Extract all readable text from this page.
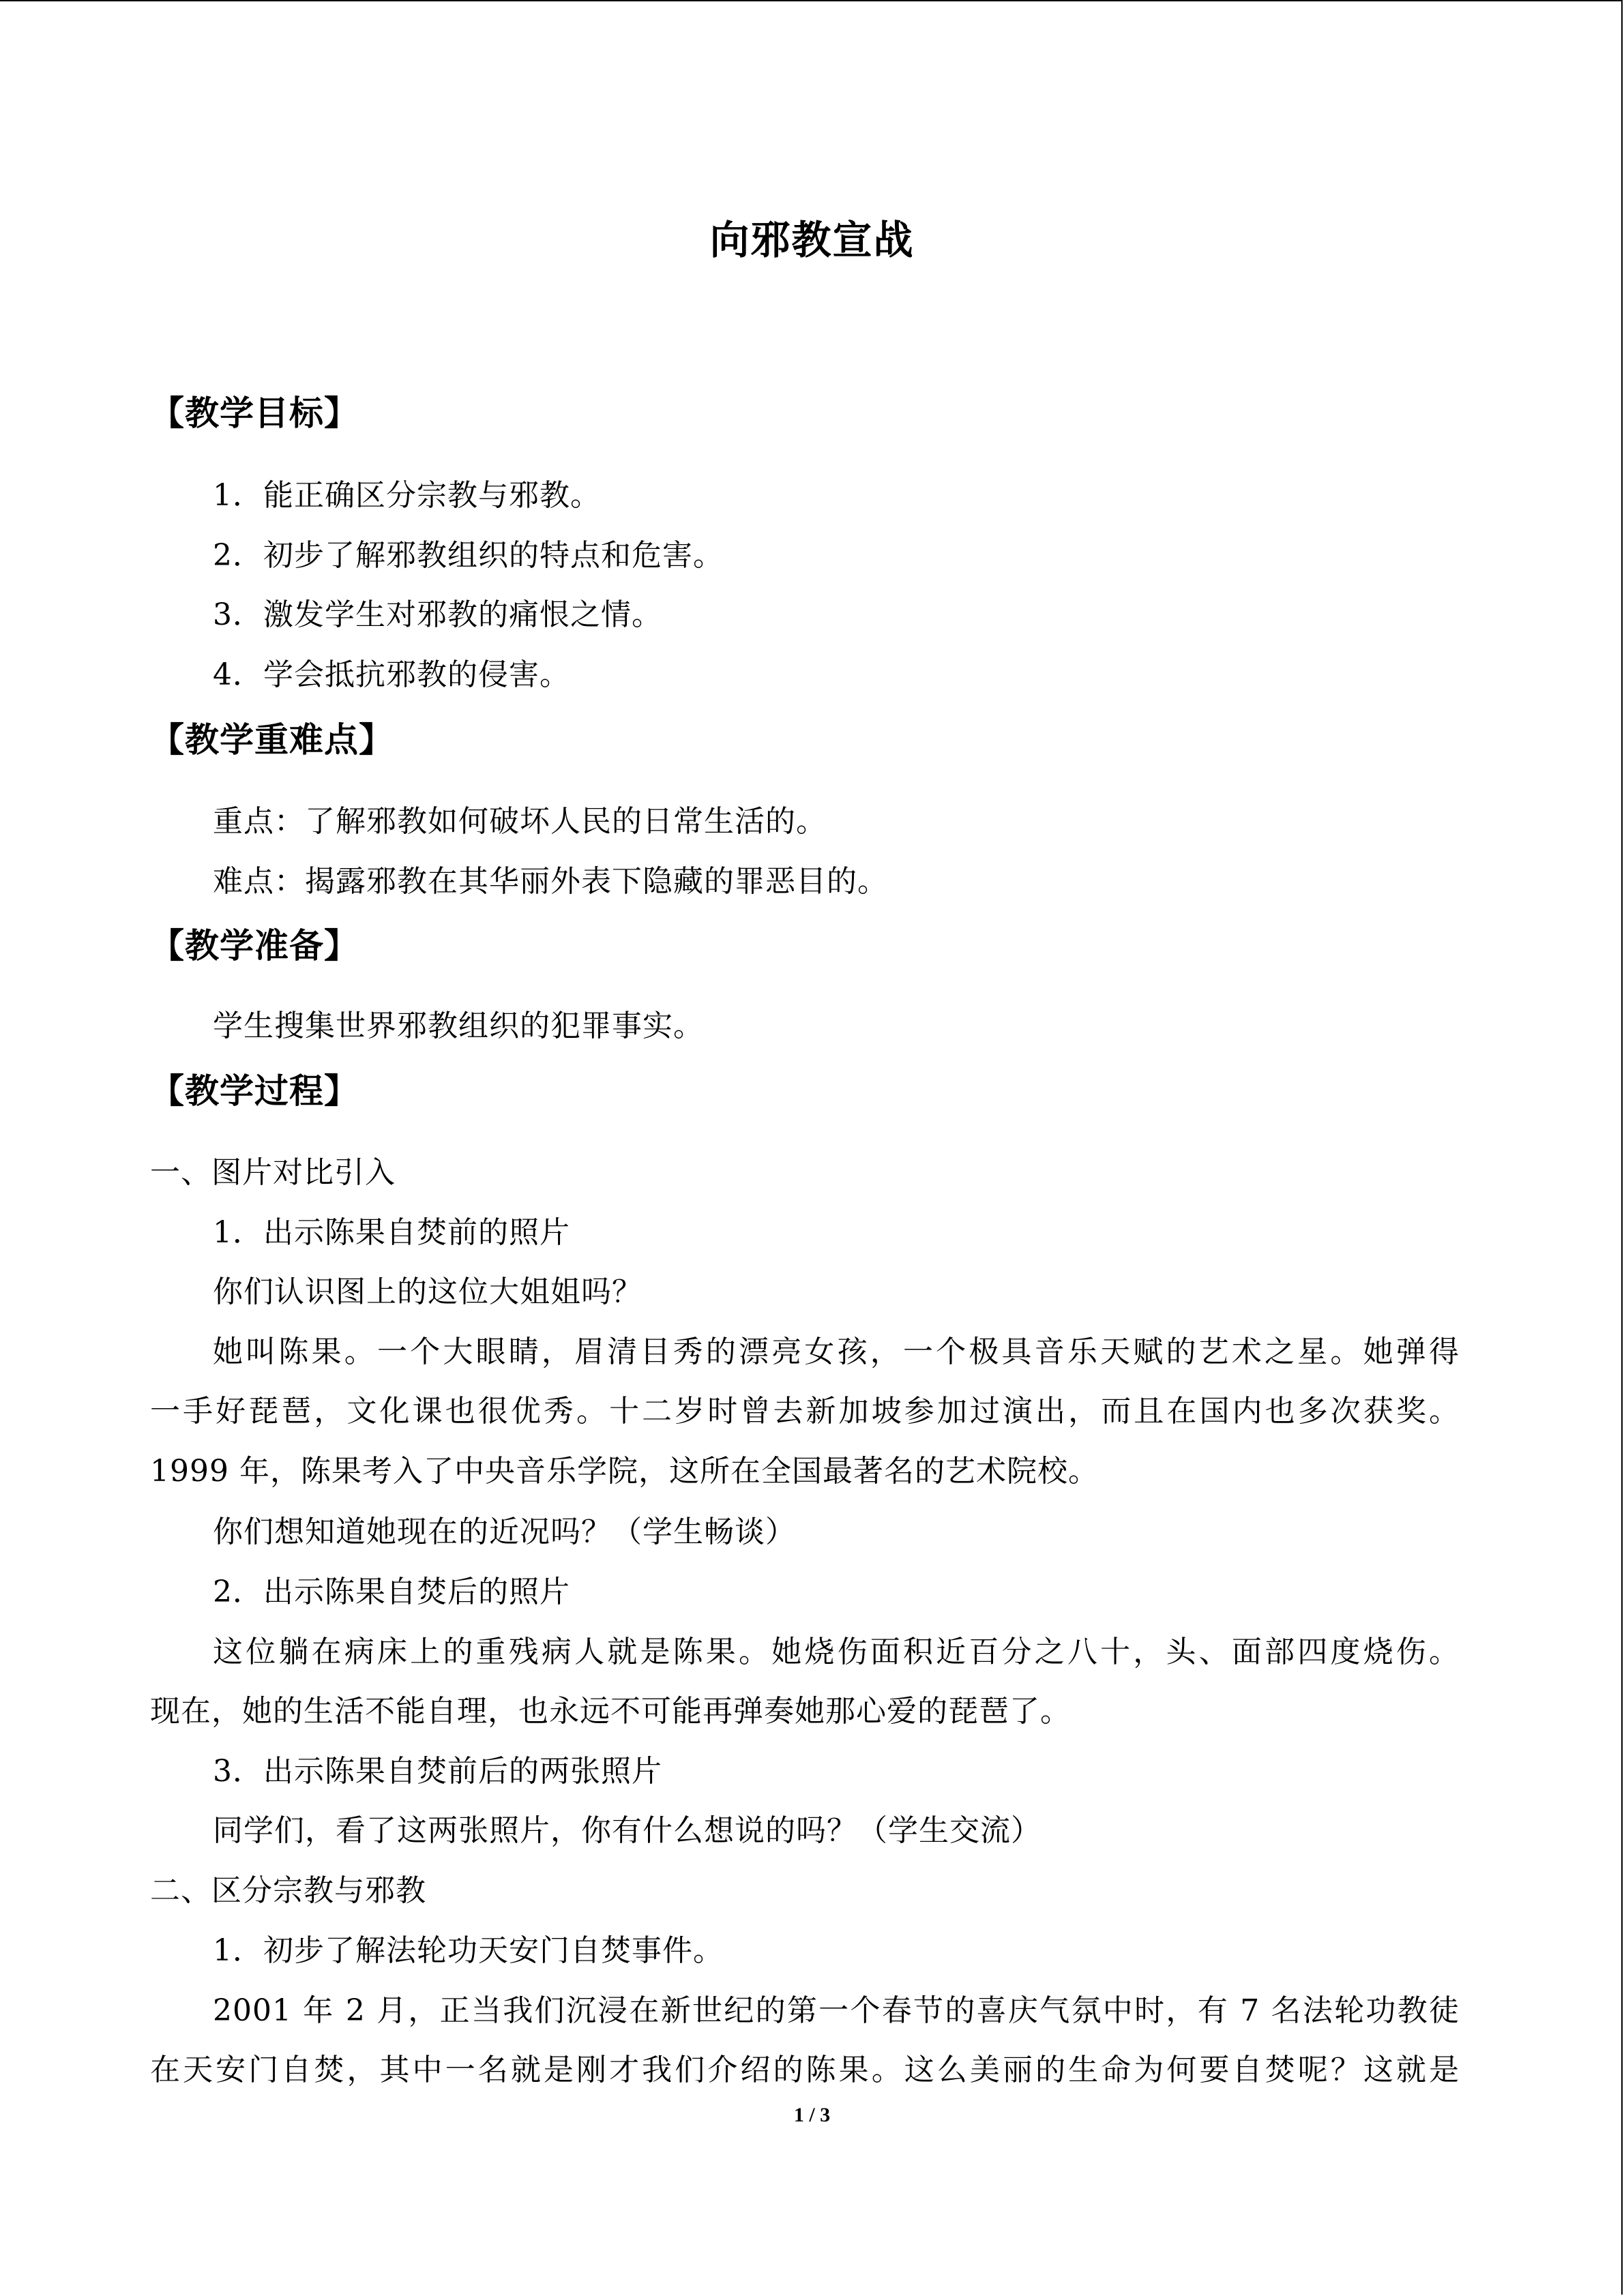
向邪教宣战
【教学目标】
1．能正确区分宗教与邪教。
2．初步了解邪教组织的特点和危害。
3．激发学生对邪教的痛恨之情。
4．学会抵抗邪教的侵害。
【教学重难点】
重点：了解邪教如何破坏人民的日常生活的。
难点：揭露邪教在其华丽外表下隐藏的罪恶目的。
【教学准备】
学生搜集世界邪教组织的犯罪事实。
【教学过程】
一、图片对比引入
1．出示陈果自焚前的照片
你们认识图上的这位大姐姐吗？
她叫陈果。一个大眼睛，眉清目秀的漂亮女孩，一个极具音乐天赋的艺术之星。她弹得
一手好琵琶，文化课也很优秀。十二岁时曾去新加坡参加过演出，而且在国内也多次获奖。
1999 年，陈果考入了中央音乐学院，这所在全国最著名的艺术院校。
你们想知道她现在的近况吗？（学生畅谈）
2．出示陈果自焚后的照片
这位躺在病床上的重残病人就是陈果。她烧伤面积近百分之八十，头、面部四度烧伤。
现在，她的生活不能自理，也永远不可能再弹奏她那心爱的琵琶了。
3．出示陈果自焚前后的两张照片
同学们，看了这两张照片，你有什么想说的吗？（学生交流）
二、区分宗教与邪教
1．初步了解法轮功天安门自焚事件。
2001 年 2 月，正当我们沉浸在新世纪的第一个春节的喜庆气氛中时，有 7 名法轮功教徒
在天安门自焚，其中一名就是刚才我们介绍的陈果。这么美丽的生命为何要自焚呢？这就是
1 / 3
